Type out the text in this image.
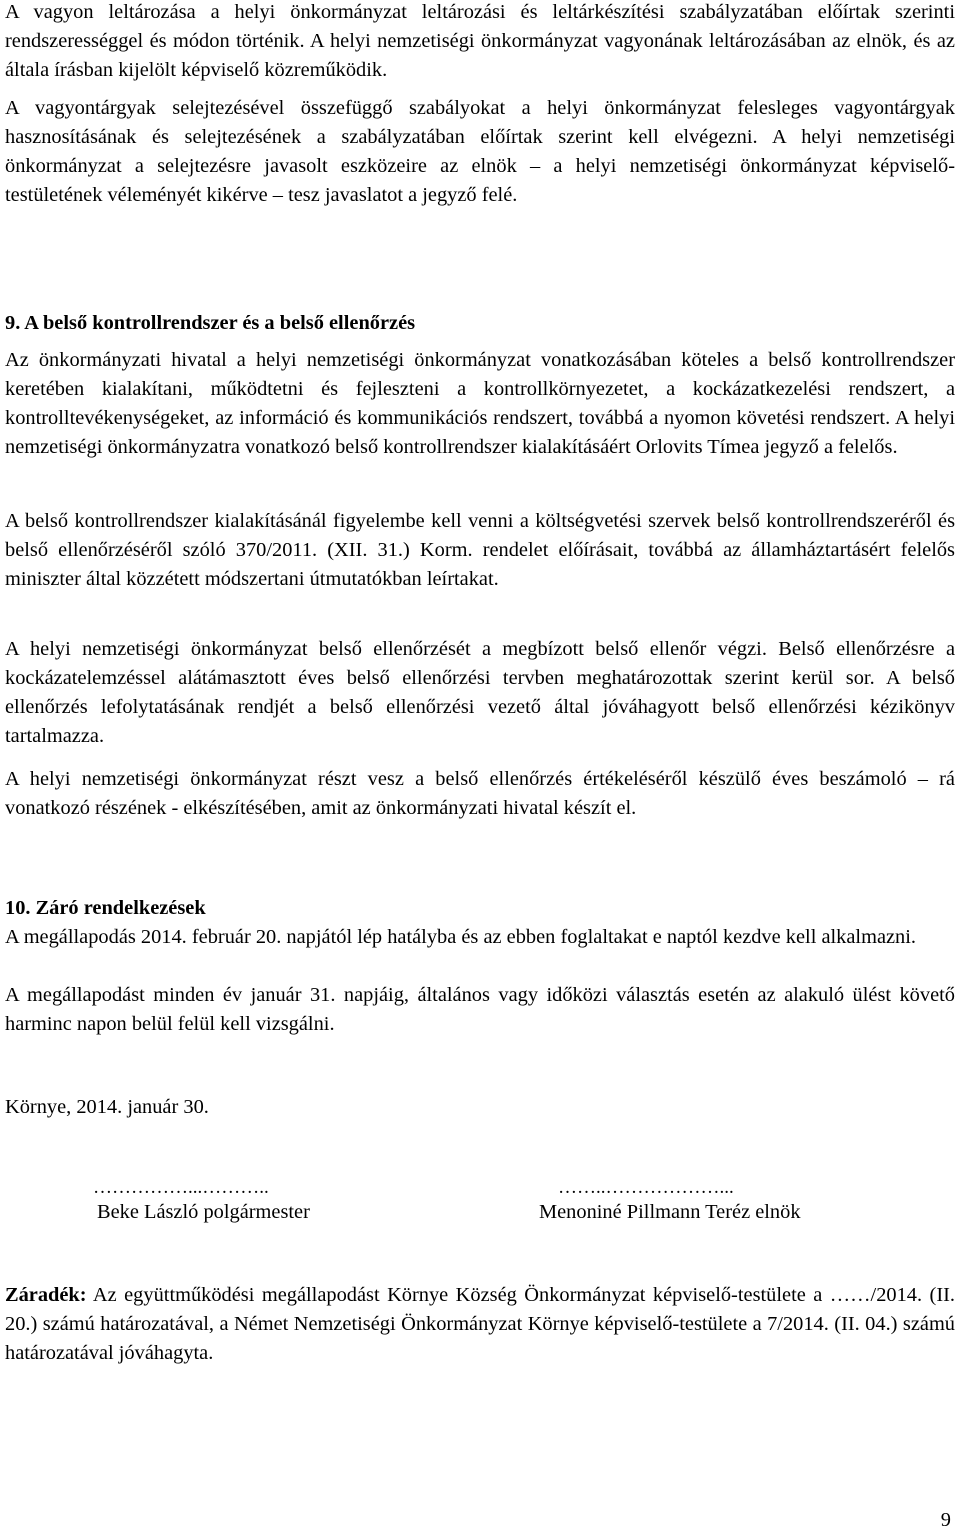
A vagyon leltározása a helyi önkormányzat leltározási és leltárkészítési szabályzatában előírtak szerinti rendszerességgel és módon történik. A helyi nemzetiségi önkormányzat vagyonának leltározásában az elnök, és az általa írásban kijelölt képviselő közreműködik.

A vagyontárgyak selejtezésével összefüggő szabályokat a helyi önkormányzat felesleges vagyontárgyak hasznosításának és selejtezésének a szabályzatában előírtak szerint kell elvégezni. A helyi nemzetiségi önkormányzat a selejtezésre javasolt eszközeire az elnök – a helyi nemzetiségi önkormányzat képviselő-testületének véleményét kikérve – tesz javaslatot a jegyző felé.

9. A belső kontrollrendszer és a belső ellenőrzés

Az önkormányzati hivatal a helyi nemzetiségi önkormányzat vonatkozásában köteles a belső kontrollrendszer keretében kialakítani, működtetni és fejleszteni a kontrollkörnyezetet, a kockázatkezelési rendszert, a kontrolltevékenységeket, az információ és kommunikációs rendszert, továbbá a nyomon követési rendszert. A helyi nemzetiségi önkormányzatra vonatkozó belső kontrollrendszer kialakításáért Orlovits Tímea jegyző a felelős.

A belső kontrollrendszer kialakításánál figyelembe kell venni a költségvetési szervek belső kontrollrendszeréről és belső ellenőrzéséről szóló 370/2011. (XII. 31.) Korm. rendelet előírásait, továbbá az államháztartásért felelős miniszter által közzétett módszertani útmutatókban leírtakat.

A helyi nemzetiségi önkormányzat belső ellenőrzését a megbízott belső ellenőr végzi. Belső ellenőrzésre a kockázatelemzéssel alátámasztott éves belső ellenőrzési tervben meghatározottak szerint kerül sor. A belső ellenőrzés lefolytatásának rendjét a belső ellenőrzési vezető által jóváhagyott belső ellenőrzési kézikönyv tartalmazza.

A helyi nemzetiségi önkormányzat részt vesz a belső ellenőrzés értékeléséről készülő éves beszámoló – rá vonatkozó részének - elkészítésében, amit az önkormányzati hivatal készít el.

10. Záró rendelkezések

A megállapodás 2014. február 20. napjától lép hatályba és az ebben foglaltakat e naptól kezdve kell alkalmazni.

A megállapodást minden év január 31. napjáig, általános vagy időközi választás esetén az alakuló ülést követő harminc napon belül felül kell vizsgálni.

Környe, 2014. január 30.

……………...………..
Beke László polgármester
……..………………...
Menoniné Pillmann Teréz elnök

Záradék: Az együttműködési megállapodást Környe Község Önkormányzat képviselő-testülete a ……/2014. (II. 20.) számú határozatával, a Német Nemzetiségi Önkormányzat Környe képviselő-testülete a 7/2014. (II. 04.) számú határozatával jóváhagyta.

9
